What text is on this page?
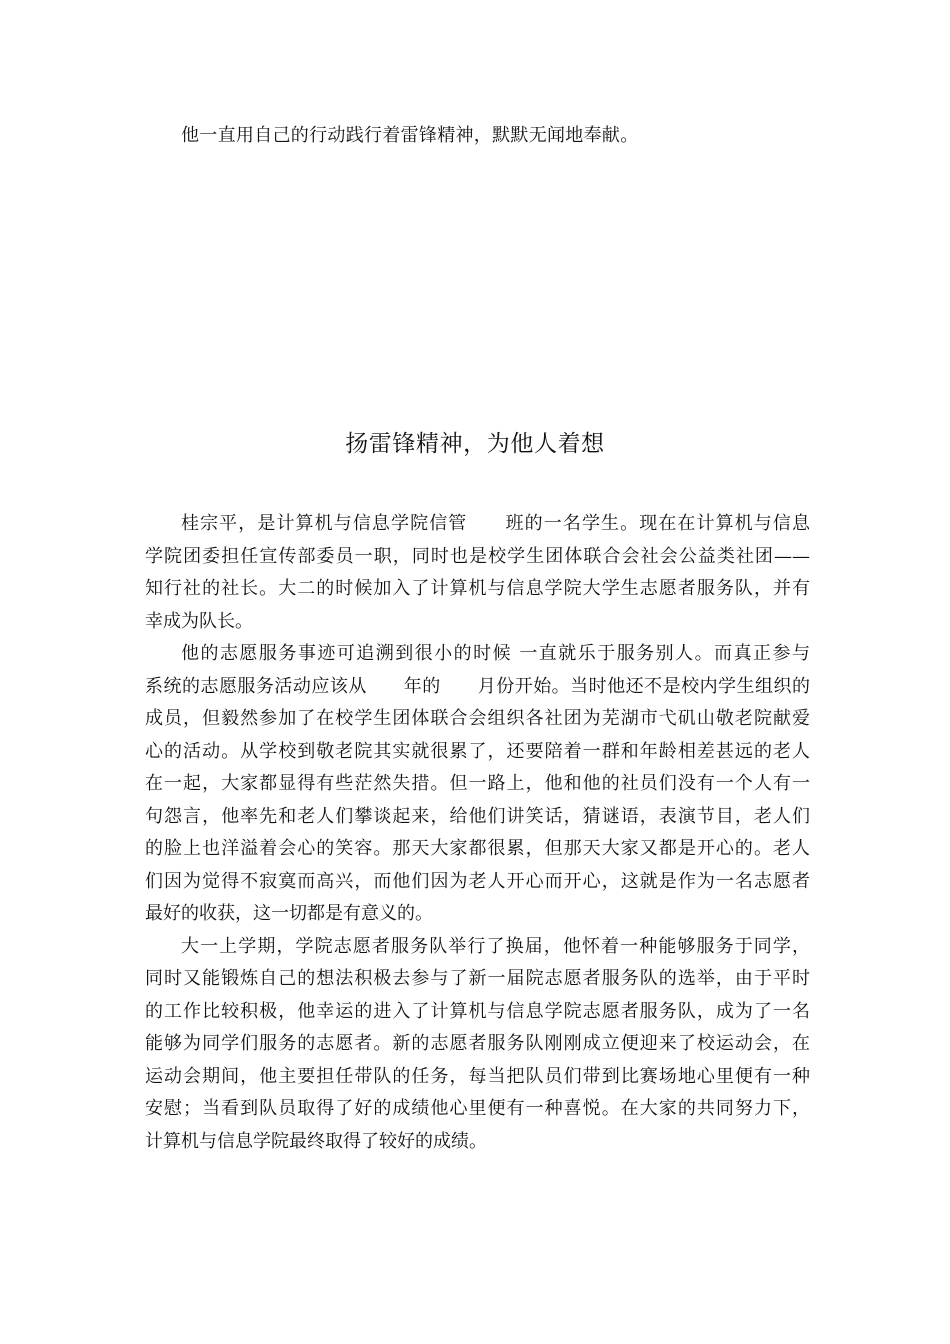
他一直用自己的行动践行着雷锋精神，默默无闻地奉献。
扬雷锋精神，为他人着想
桂宗平，是计算机与信息学院信管　　班的一名学生。现在在计算机与信息
学院团委担任宣传部委员一职，同时也是校学生团体联合会社会公益类社团——
知行社的社长。大二的时候加入了计算机与信息学院大学生志愿者服务队，并有
幸成为队长。
他的志愿服务事迹可追溯到很小的时候 一直就乐于服务别人。而真正参与
系统的志愿服务活动应该从　　年的　　月份开始。当时他还不是校内学生组织的
成员，但毅然参加了在校学生团体联合会组织各社团为芜湖市弋矶山敬老院献爱
心的活动。从学校到敬老院其实就很累了，还要陪着一群和年龄相差甚远的老人
在一起，大家都显得有些茫然失措。但一路上，他和他的社员们没有一个人有一
句怨言，他率先和老人们攀谈起来，给他们讲笑话，猜谜语，表演节目，老人们
的脸上也洋溢着会心的笑容。那天大家都很累，但那天大家又都是开心的。老人
们因为觉得不寂寞而高兴，而他们因为老人开心而开心，这就是作为一名志愿者
最好的收获，这一切都是有意义的。
大一上学期，学院志愿者服务队举行了换届，他怀着一种能够服务于同学，
同时又能锻炼自己的想法积极去参与了新一届院志愿者服务队的选举，由于平时
的工作比较积极，他幸运的进入了计算机与信息学院志愿者服务队，成为了一名
能够为同学们服务的志愿者。新的志愿者服务队刚刚成立便迎来了校运动会，在
运动会期间，他主要担任带队的任务，每当把队员们带到比赛场地心里便有一种
安慰；当看到队员取得了好的成绩他心里便有一种喜悦。在大家的共同努力下，
计算机与信息学院最终取得了较好的成绩。
